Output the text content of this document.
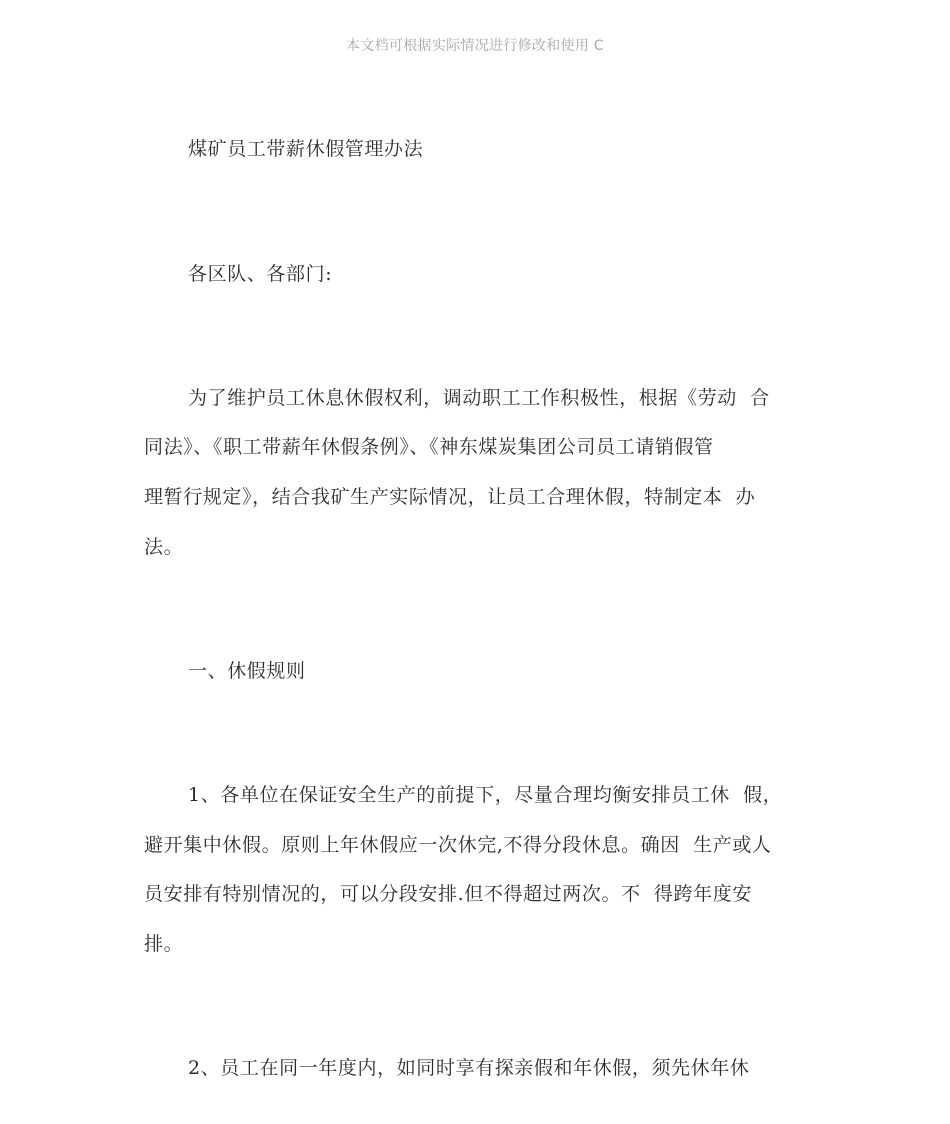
本文档可根据实际情况进行修改和使用 C
煤矿员工带薪休假管理办法
各区队、各部门:
为了维护员工休息休假权利，调动职工工作积极性，根据《劳动  合
同法》、《职工带薪年休假条例》、《神东煤炭集团公司员工请销假管
理暂行规定》，结合我矿生产实际情况，让员工合理休假，特制定本  办
法。
一、休假规则
1、各单位在保证安全生产的前提下，尽量合理均衡安排员工休  假，
避开集中休假。原则上年休假应一次休完,不得分段休息。确因  生产或人
员安排有特别情况的，可以分段安排.但不得超过两次。不  得跨年度安
排。
2、员工在同一年度内，如同时享有探亲假和年休假，须先休年休
